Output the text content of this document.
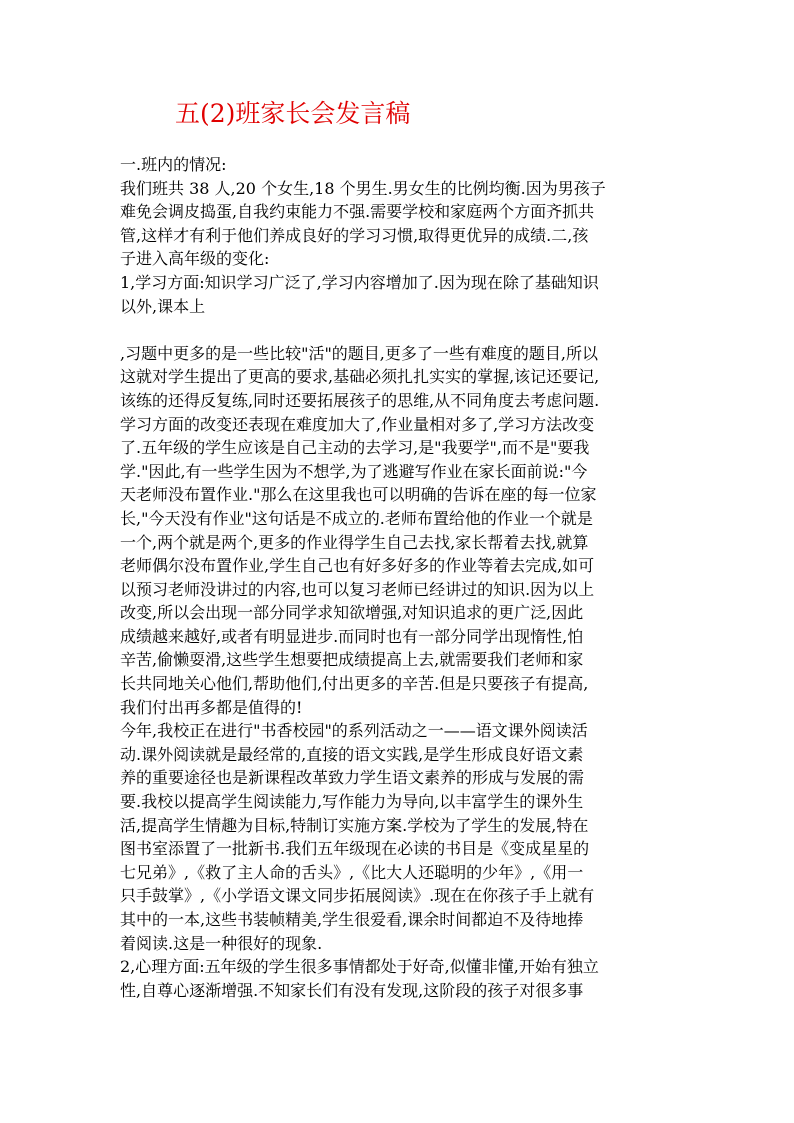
五(2)班家长会发言稿
一.班内的情况:
我们班共 38 人,20 个女生,18 个男生.男女生的比例均衡.因为男孩子
难免会调皮捣蛋,自我约束能力不强.需要学校和家庭两个方面齐抓共
管,这样才有利于他们养成良好的学习习惯,取得更优异的成绩.二,孩
子进入高年级的变化:
1,学习方面:知识学习广泛了,学习内容增加了.因为现在除了基础知识
以外,课本上
,习题中更多的是一些比较"活"的题目,更多了一些有难度的题目,所以
这就对学生提出了更高的要求,基础必须扎扎实实的掌握,该记还要记,
该练的还得反复练,同时还要拓展孩子的思维,从不同角度去考虑问题.
学习方面的改变还表现在难度加大了,作业量相对多了,学习方法改变
了.五年级的学生应该是自己主动的去学习,是"我要学",而不是"要我
学."因此,有一些学生因为不想学,为了逃避写作业在家长面前说:"今
天老师没布置作业."那么在这里我也可以明确的告诉在座的每一位家
长,"今天没有作业"这句话是不成立的.老师布置给他的作业一个就是
一个,两个就是两个,更多的作业得学生自己去找,家长帮着去找,就算
老师偶尔没布置作业,学生自己也有好多好多的作业等着去完成,如可
以预习老师没讲过的内容,也可以复习老师已经讲过的知识.因为以上
改变,所以会出现一部分同学求知欲增强,对知识追求的更广泛,因此
成绩越来越好,或者有明显进步.而同时也有一部分同学出现惰性,怕
辛苦,偷懒耍滑,这些学生想要把成绩提高上去,就需要我们老师和家
长共同地关心他们,帮助他们,付出更多的辛苦.但是只要孩子有提高,
我们付出再多都是值得的!
今年,我校正在进行"书香校园"的系列活动之一——语文课外阅读活
动.课外阅读就是最经常的,直接的语文实践,是学生形成良好语文素
养的重要途径也是新课程改革致力学生语文素养的形成与发展的需
要.我校以提高学生阅读能力,写作能力为导向,以丰富学生的课外生
活,提高学生情趣为目标,特制订实施方案.学校为了学生的发展,特在
图书室添置了一批新书.我们五年级现在必读的书目是《变成星星的
七兄弟》,《救了主人命的舌头》,《比大人还聪明的少年》,《用一
只手鼓掌》,《小学语文课文同步拓展阅读》.现在在你孩子手上就有
其中的一本,这些书装帧精美,学生很爱看,课余时间都迫不及待地捧
着阅读.这是一种很好的现象.
2,心理方面:五年级的学生很多事情都处于好奇,似懂非懂,开始有独立
性,自尊心逐渐增强.不知家长们有没有发现,这阶段的孩子对很多事
